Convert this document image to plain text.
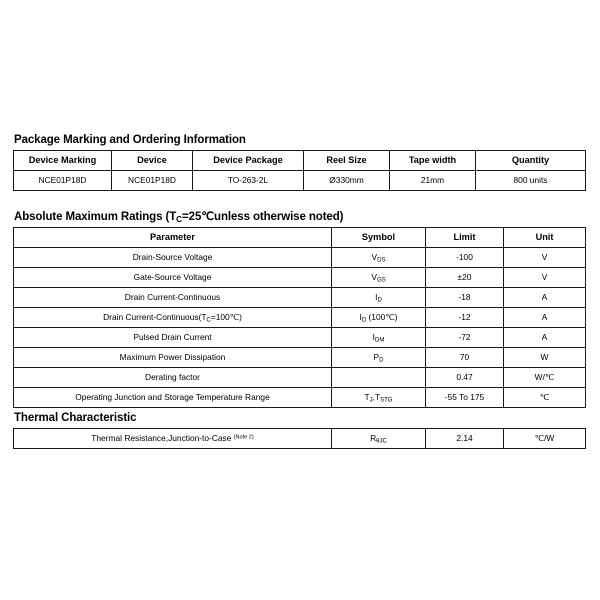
Package Marking and Ordering Information
Device Marking	Device	Device Package	Reel Size	Tape width	Quantity
NCE01P18D	NCE01P18D	TO-263-2L	Ø330mm	21mm	800 units
Absolute Maximum Ratings ($T_C=25℃unless$ otherwise noted)
Parameter	Symbol	Limit	Unit
Drain-Source Voltage	$V_{DS}$	-100	V
Gate-Source Voltage	$V_{GS}$	±20	V
Drain Current-Continuous	$I_D$	-18	A
Drain Current-$Continuous(T_C=100℃)$	$I_D$ (100℃)	-12	A
Pulsed Drain Current	$I_{DM}$	-72	A
Maximum Power Dissipation	$P_D$	70	W
Derating factor		0.47	W/℃
Operating Junction and Storage Temperature Range	$T_J,T_{STG}$	-55 To 175	℃
Thermal Characteristic
Thermal Resistance,Junction-to-Case $^{(Note 2)}$	$R_{\theta JC}$	2.14	℃/W
